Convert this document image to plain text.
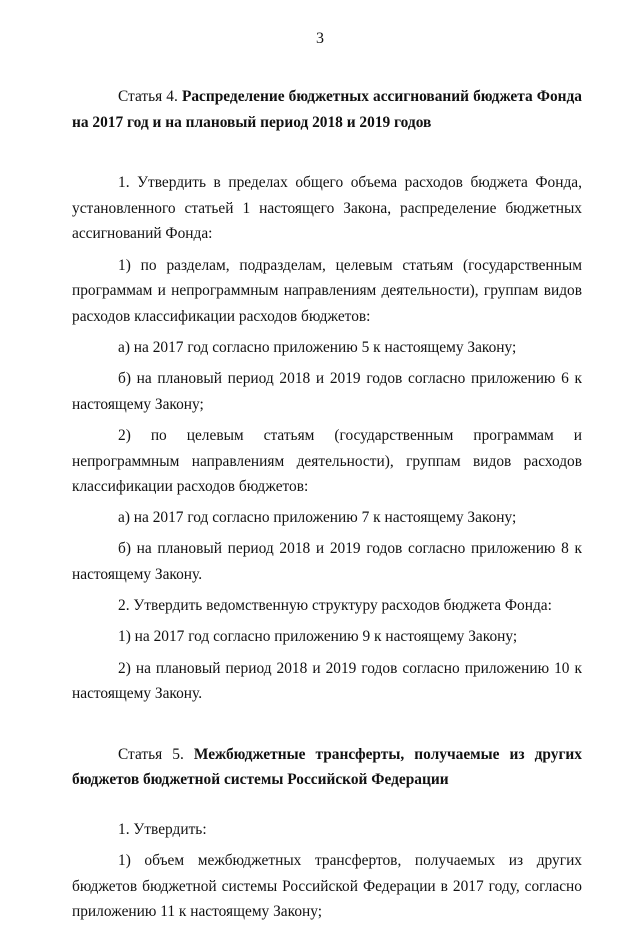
3

Статья 4. Распределение бюджетных ассигнований бюджета Фонда на 2017 год и на плановый период 2018 и 2019 годов

1. Утвердить в пределах общего объема расходов бюджета Фонда, установленного статьей 1 настоящего Закона, распределение бюджетных ассигнований Фонда:

1) по разделам, подразделам, целевым статьям (государственным программам и непрограммным направлениям деятельности), группам видов расходов классификации расходов бюджетов:

а) на 2017 год согласно приложению 5 к настоящему Закону;

б) на плановый период 2018 и 2019 годов согласно приложению 6 к настоящему Закону;

2) по целевым статьям (государственным программам и непрограммным направлениям деятельности), группам видов расходов классификации расходов бюджетов:

а) на 2017 год согласно приложению 7 к настоящему Закону;

б) на плановый период 2018 и 2019 годов согласно приложению 8 к настоящему Закону.

2. Утвердить ведомственную структуру расходов бюджета Фонда:

1) на 2017 год согласно приложению 9 к настоящему Закону;

2) на плановый период 2018 и 2019 годов согласно приложению 10 к настоящему Закону.

Статья 5. Межбюджетные трансферты, получаемые из других бюджетов бюджетной системы Российской Федерации

1. Утвердить:

1) объем межбюджетных трансфертов, получаемых из других бюджетов бюджетной системы Российской Федерации в 2017 году, согласно приложению 11 к настоящему Закону;
